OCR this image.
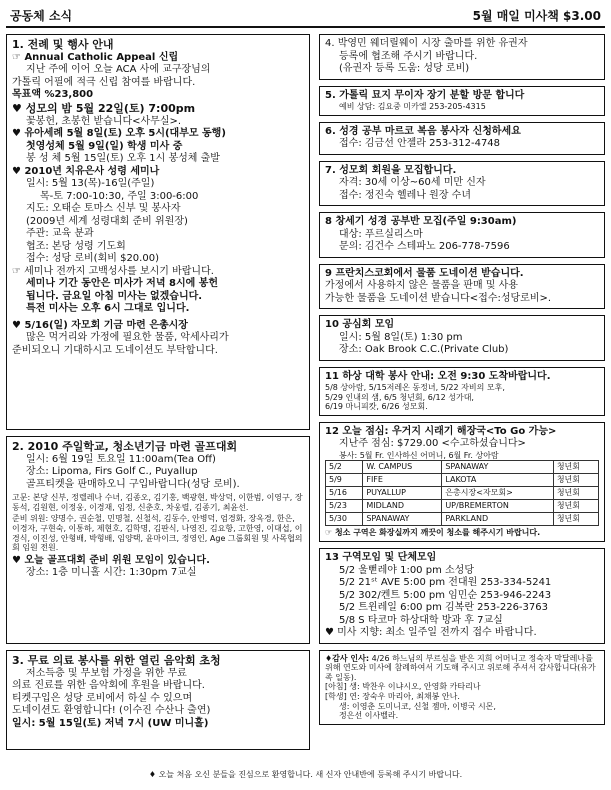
공동체 소식	5월 매일 미사책 $3.00
1. 전례 및 행사 안내
☞ Annual Catholic Appeal 신립
지난 주에 이어 오늘 ACA 사에 교구장님의
가톨릭 어필에 적극 신립 참여를 바랍니다.
목표액 %23,800
♥ 성모의 밤 5월 22일(토) 7:00pm
꽃봉헌, 초봉헌 받습니다<사무실>.
♥ 유아세례 5월 8일(토) 오후 5시(대부모 동행)
첫영성체 5월 9일(일) 학생 미사 중
봉 성 체 5월 15일(토) 오후 1시 봉성체 출발
♥ 2010년 치유은사 성령 세미나
일시: 5월 13(목)-16일(주일)
목-토 7:00-10:30, 주일 3:00-6:00
지도: 오태순 토마스 신부 및 봉사자
(2009년 세계 성령대회 준비 위원장)
주관: 교육 분과
협조: 본당 성령 기도회
접수: 성당 로비(회비 $20.00)
☞ 세미나 전까지 고백성사를 보시기 바랍니다.
세미나 기간 동안은 미사가 저녁 8시에 봉헌
됩니다. 금요일 아침 미사는 없겠습니다.
특전 미사는 오후 6시 그대로 입니다.
♥ 5/16(일) 자모회 기금 마련 은총시장
많은 먹거리와 가정에 필요한 물품, 악세사리가
준비되오니 기대하시고 도네이션도 부탁합니다.
2. 2010 주일학교, 청소년기금 마련 골프대회
일시: 6월 19일 토요일 11:00am(Tea Off)
장소: Lipoma, Firs Golf C., Puyallup
골프티켓을 판매하오니 구입바랍니다(성당 로비).
고문: 본당 신부, 정렐레나 수녀, 김종오, 김기홍, 백광현, 박상덕, 이한범, 이영구, 장동석, 김원현, 이정웅, 이경재, 임정, 신춘호, 차웅렬, 김종기, 최윤선.
준비 위원: 양명수, 권순철, 민명철, 신철석, 김동수, 안병덕, 엄경화, 장옥경, 한은, 이경자, 구현숙, 이통하, 제현호, 김학명, 김판식, 나영진, 김요항, 고한영, 이대섭, 이경식, 이진성, 안형배, 박형배, 임양택, 윤마이크, 정영인, Age 그룹회원 및 사목협의회 임원 전원.
♥ 오늘 골프대회 준비 위원 모임이 있습니다.
장소: 1층 미니홀 시간: 1:30pm 7교실
3. 무료 의료 봉사를 위한 열린 음악회 초청
저소득층 및 무보험 가정을 위한 무료
의료 진료를 위한 음악회에 후원을 바랍니다.
티켓구입은 성당 로비에서 하실 수 있으며
도네이션도 환영합니다! (이수진 수산나 출연)
일시: 5월 15일(토) 저녁 7시 (UW 미니홀)
4. 박영민 웨더릴웨이 시장 출마를 위한 유권자
등록에 협조해 주시기 바랍니다.
(유권자 등록 도움: 성당 로비)
5. 가톨릭 묘지 무이자 장기 분할 방문 합니다
예비 상담: 김요중 미카엘 253-205-4315
6. 성경 공부 마르코 복음 봉사자 신청하세요
접수: 김금선 안젤라 253-312-4748
7. 성모회 회원을 모집합니다.
자격: 30세 이상~60세 미만 신자
접수: 정진숙 헬레나 원장 수녀
8 창세기 성경 공부반 모집(주일 9:30am)
대상: 푸르실리스마
문의: 김건수 스테파노 206-778-7596
9 프란치스코회에서 물품 도네이션 받습니다.
가정에서 사용하지 않은 물품을 판매 및 사용
가능한 물품을 도네이션 받습니다<접수:성당로비>.
10 공심회 모임
일시: 5월 8일(토) 1:30 pm
장소: Oak Brook C.C.(Private Club)
11 하상 대학 봉사 안내: 오전 9:30 도착바랍니다.
5/8 상아람, 5/15저레온 동정녀, 5/22 자비의 모후,
5/29 인내의 샘, 6/5 청년회, 6/12 성가대,
6/19 마니피캇, 6/26 성모회.
12 오늘 점심: 우거지 시래기 해장국<To Go 가능>
지난주 점심: $729.00 <수고하셨습니다>
봉사: 5월 Fr. 인사하신 어머니, 6월 Fr. 상아람
5/2	W. CAMPUS	SPANAWAY	청년회
5/9	FIFE	LAKOTA	청년회
5/16	PUYALLUP	은총시장<자모회>	청년회
5/23	MIDLAND	UP/BREMERTON	청년회
5/30	SPANAWAY	PARKLAND	청년회
☞ 청소 구역은 화장실까지 깨끗이 청소를 해주시기 바랍니다.
13 구역모임 및 단체모임
5/2 울뻗레야 1:00 pm 소성당
5/2 21ˢᵗ AVE 5:00 pm 전대원 253-334-5241
5/2 302/켄트 5:00 pm 임민순 253-946-2243
5/2 트윈레일 6:00 pm 김복란 253-226-3763
5/8 S 타코마 하상대학 방과 후 7교실
♥ 미사 지향: 최소 일주일 전까지 접수 바랍니다.
♦감사 인사: 4/26 하느님의 부르심을 받은 지희 어머니고 정숙자 막달레나를 위해 연도와 미사에 참례하여서 기도해 주시고 위로해 주셔서 감사합니다(유가족 일동).
[아침] 생: 박찬우 이냐시오, 안영화 카타리나
[학생] 연: 장숙우 마리아, 최채봉 안나.
생: 이영춘 도미니코, 신철 젬마, 이병국 시몬,
정은선 이사벨라.
♦ 오늘 처음 오신 분들을 진심으로 환영합니다. 새 신자 안내반에 등록해 주시기 바랍니다.
